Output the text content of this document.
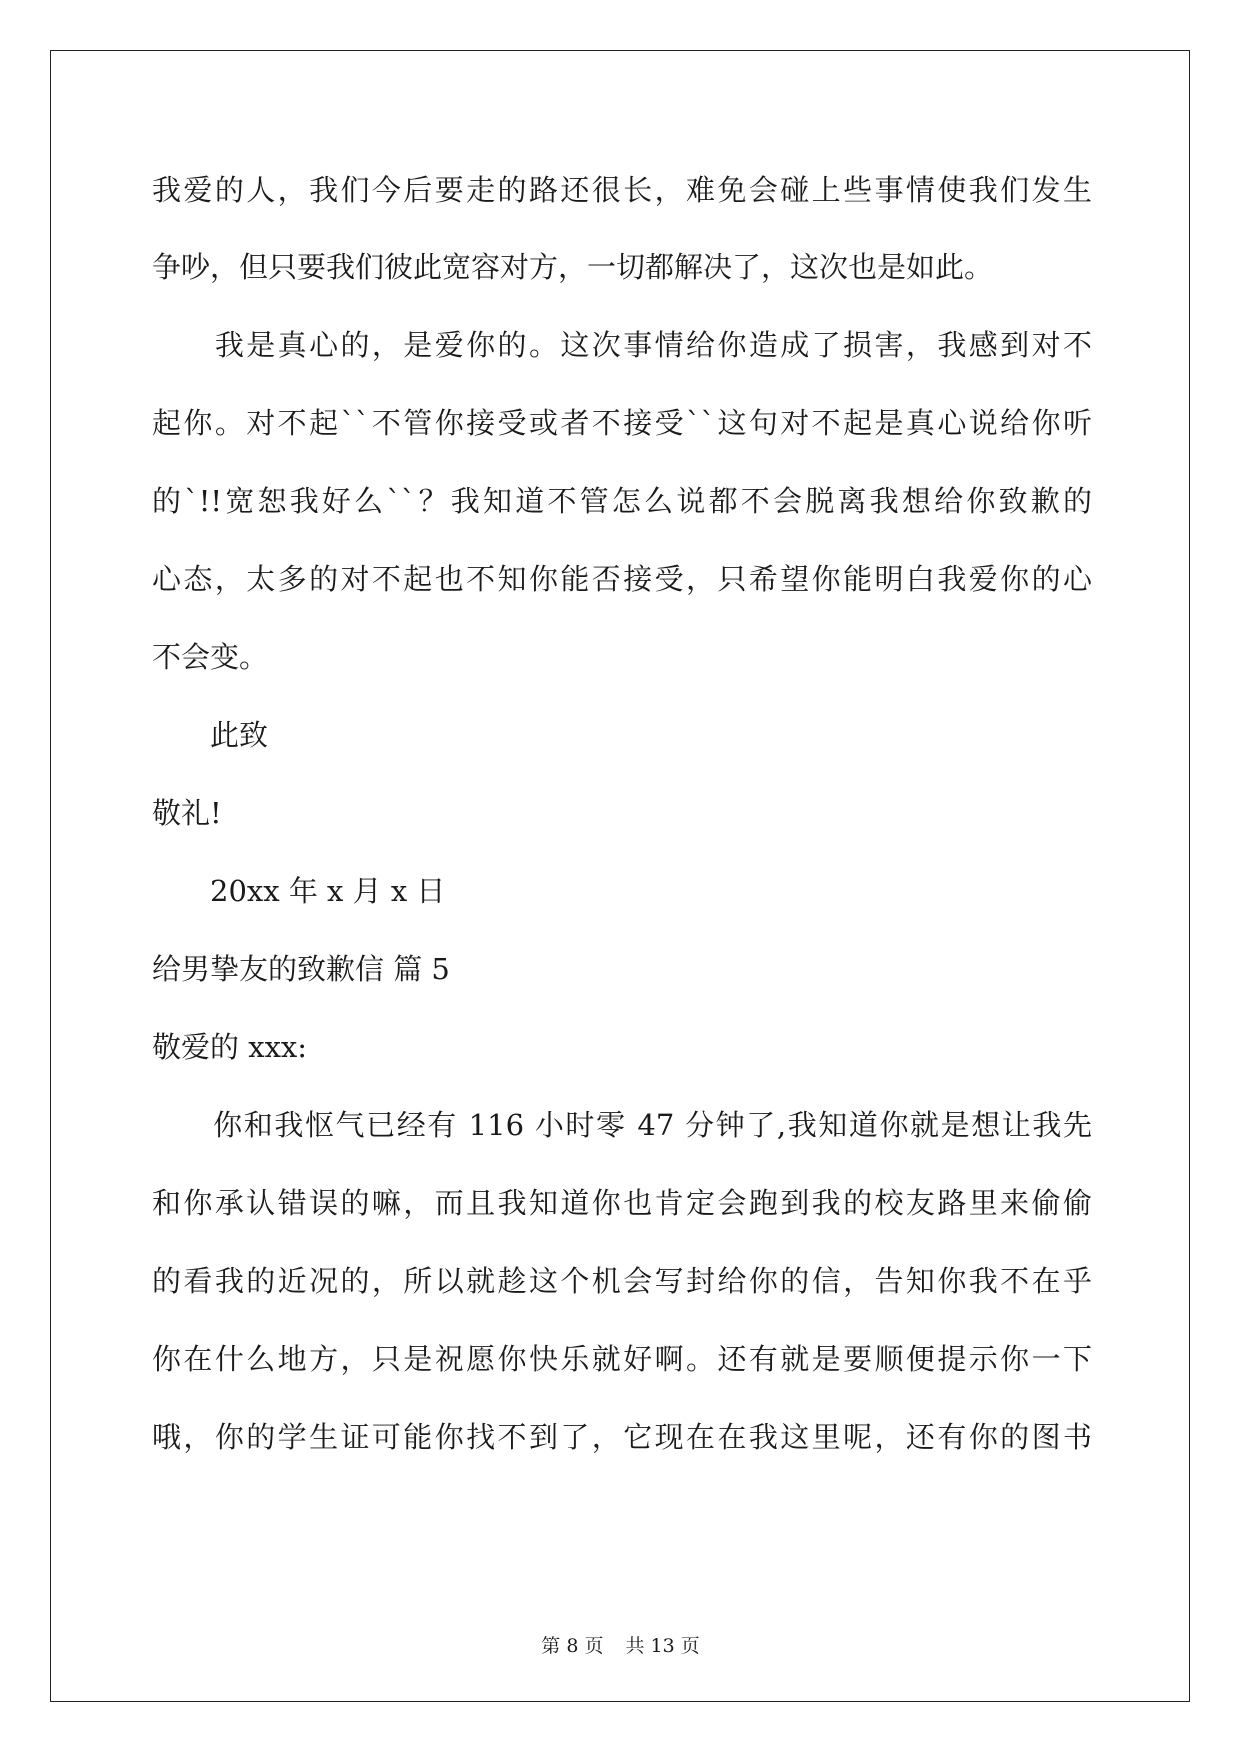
我爱的人，我们今后要走的路还很长，难免会碰上些事情使我们发生
争吵，但只要我们彼此宽容对方，一切都解决了，这次也是如此。
　　我是真心的，是爱你的。这次事情给你造成了损害，我感到对不
起你。对不起``不管你接受或者不接受``这句对不起是真心说给你听
的`!!宽恕我好么``？我知道不管怎么说都不会脱离我想给你致歉的
心态，太多的对不起也不知你能否接受，只希望你能明白我爱你的心
不会变。
　　此致
敬礼!
　　20xx 年 x 月 x 日
给男挚友的致歉信 篇 5
敬爱的 xxx:
　　你和我怄气已经有 116 小时零 47 分钟了,我知道你就是想让我先
和你承认错误的嘛，而且我知道你也肯定会跑到我的校友路里来偷偷
的看我的近况的，所以就趁这个机会写封给你的信，告知你我不在乎
你在什么地方，只是祝愿你快乐就好啊。还有就是要顺便提示你一下
哦，你的学生证可能你找不到了，它现在在我这里呢，还有你的图书
第 8 页 共 13 页
